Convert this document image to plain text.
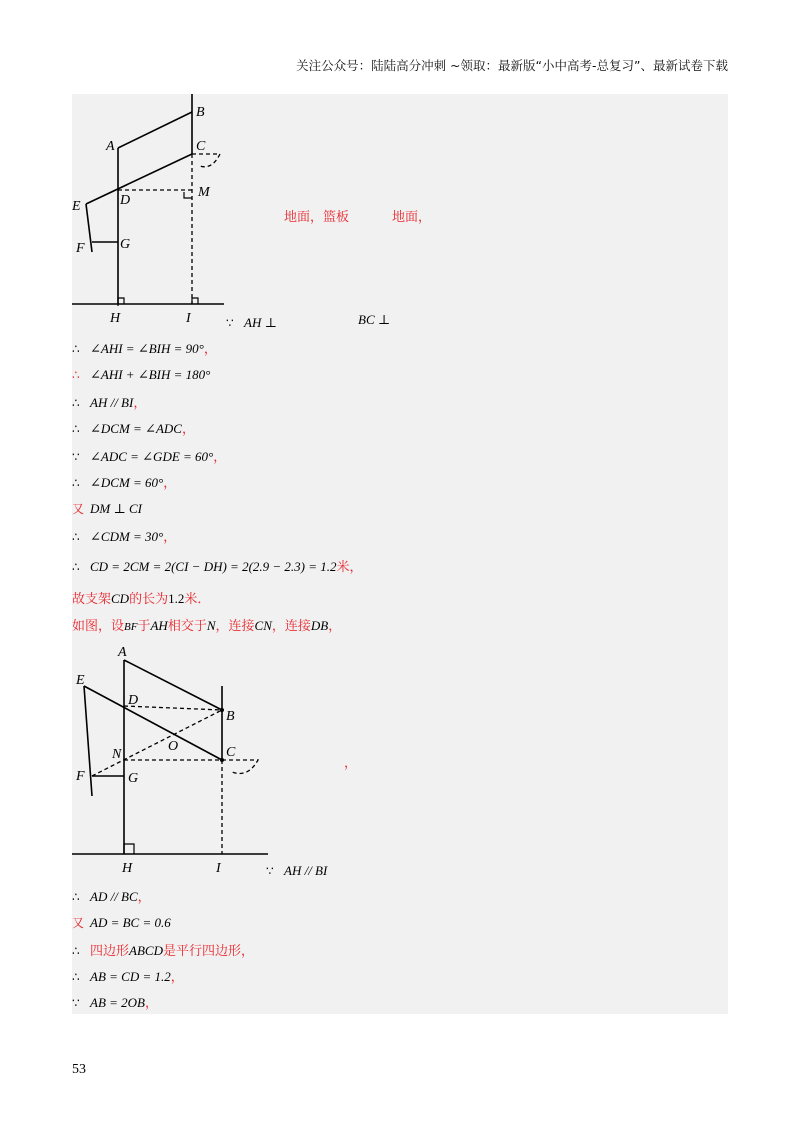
关注公众号：陆陆高分冲刺 ~领取：最新版“小中高考-总复习”、最新试卷下载
B
A	C
D
M
E
F	G
H	I
地面，篮板	地面，
∵ AH ⊥	BC ⊥
∴ ∠AHI = ∠BIH = 90°，
∴ ∠AHI + ∠BIH = 180°
∴ AH // BI，
∴ ∠DCM = ∠ADC，
∵ ∠ADC = ∠GDE = 60°，
∴ ∠DCM = 60°，
又 DM ⊥ CI
∴ ∠CDM = 30°，
∴ CD = 2CM = 2(CI − DH) = 2(2.9 − 2.3) = 1.2米，
故支架CD的长为1.2米．
如图，设BF于AH相交于N，连接CN，连接DB，
A
E
D
B
O
N	C
F	G
H	I
，
∵ AH // BI
∴ AD // BC，
又 AD = BC = 0.6
∴ 四边形ABCD是平行四边形，
∴ AB = CD = 1.2，
∵ AB = 2OB，
53
